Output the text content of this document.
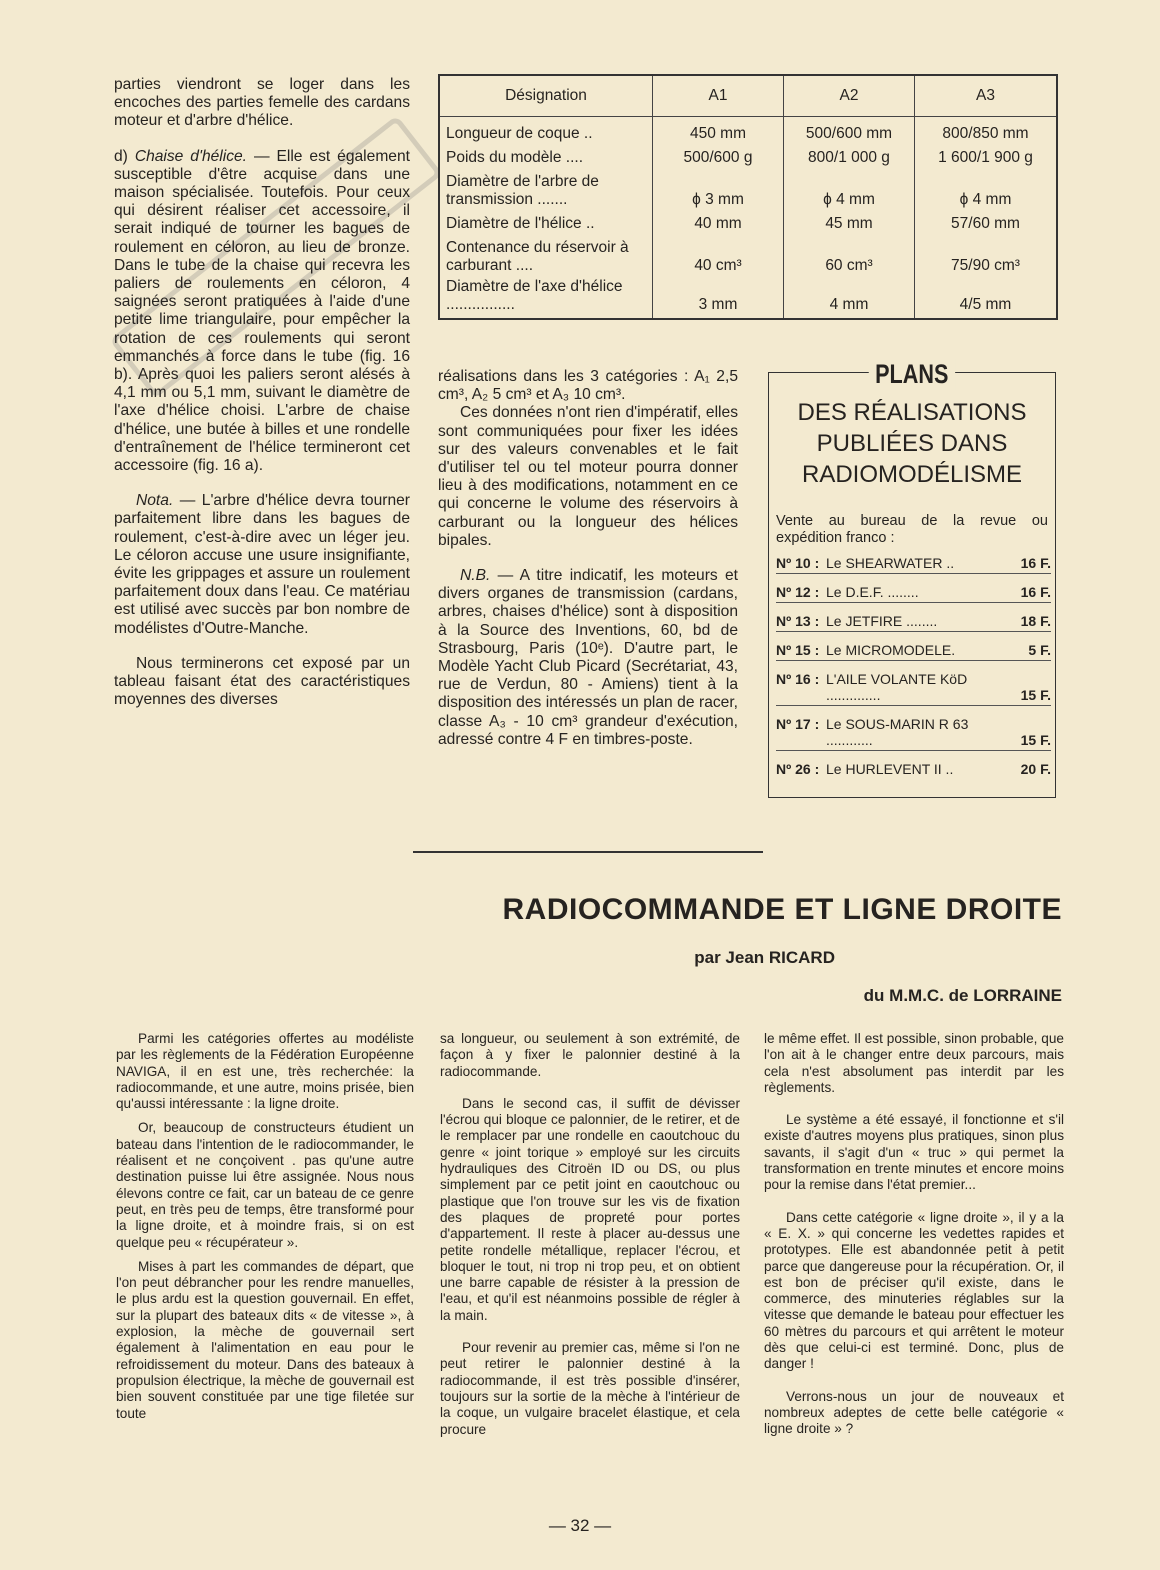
parties viendront se loger dans les encoches des parties femelle des cardans moteur et d'arbre d'hélice.

d) Chaise d'hélice. — Elle est également susceptible d'être acquise dans une maison spécialisée. Toutefois. Pour ceux qui désirent réaliser cet accessoire, il serait indiqué de tourner les bagues de roulement en céloron, au lieu de bronze. Dans le tube de la chaise qui recevra les paliers de roulements en céloron, 4 saignées seront pratiquées à l'aide d'une petite lime triangulaire, pour empêcher la rotation de ces roulements qui seront emmanchés à force dans le tube (fig. 16 b). Après quoi les paliers seront alésés à 4,1 mm ou 5,1 mm, suivant le diamètre de l'axe d'hélice choisi. L'arbre de chaise d'hélice, une butée à billes et une rondelle d'entraînement de l'hélice termineront cet accessoire (fig. 16 a).

Nota. — L'arbre d'hélice devra tourner parfaitement libre dans les bagues de roulement, c'est-à-dire avec un léger jeu. Le céloron accuse une usure insignifiante, évite les grippages et assure un roulement parfaitement doux dans l'eau. Ce matériau est utilisé avec succès par bon nombre de modélistes d'Outre-Manche.

Nous terminerons cet exposé par un tableau faisant état des caractéristiques moyennes des diverses

Désignation	A1	A2	A3
Longueur de coque ..	450 mm	500/600 mm	800/850 mm
Poids du modèle ....	500/600 g	800/1 000 g	1 600/1 900 g
Diamètre de l'arbre de transmission .......	ϕ 3 mm	ϕ 4 mm	ϕ 4 mm
Diamètre de l'hélice ..	40 mm	45 mm	57/60 mm
Contenance du réservoir à carburant ....	40 cm³	60 cm³	75/90 cm³
Diamètre de l'axe d'hélice ................	3 mm	4 mm	4/5 mm

réalisations dans les 3 catégories : A₁ 2,5 cm³, A₂ 5 cm³ et A₃ 10 cm³.

Ces données n'ont rien d'impératif, elles sont communiquées pour fixer les idées sur des valeurs convenables et le fait d'utiliser tel ou tel moteur pourra donner lieu à des modifications, notamment en ce qui concerne le volume des réservoirs à carburant ou la longueur des hélices bipales.

N.B. — A titre indicatif, les moteurs et divers organes de transmission (cardans, arbres, chaises d'hélice) sont à disposition à la Source des Inventions, 60, bd de Strasbourg, Paris (10ᵉ). D'autre part, le Modèle Yacht Club Picard (Secrétariat, 43, rue de Verdun, 80 - Amiens) tient à la disposition des intéressés un plan de racer, classe A₃ - 10 cm³ grandeur d'exécution, adressé contre 4 F en timbres-poste.

PLANS
DES RÉALISATIONS
PUBLIÉES DANS
RADIOMODÉLISME
Vente au bureau de la revue ou expédition franco :
Nº 10 : Le SHEARWATER ..	16 F.
Nº 12 : Le D.E.F. ........	16 F.
Nº 13 : Le JETFIRE ........	18 F.
Nº 15 : Le MICROMODELE.	5 F.
Nº 16 : L'AILE VOLANTE KöD ..............	15 F.
Nº 17 : Le SOUS-MARIN R 63 ............	15 F.
Nº 26 : Le HURLEVENT II ..	20 F.
RADIOCOMMANDE ET LIGNE DROITE
par Jean RICARD
du M.M.C. de LORRAINE

Parmi les catégories offertes au modéliste par les règlements de la Fédération Européenne NAVIGA, il en est une, très recherchée: la radiocommande, et une autre, moins prisée, bien qu'aussi intéressante : la ligne droite.

Or, beaucoup de constructeurs étudient un bateau dans l'intention de le radiocommander, le réalisent et ne conçoivent . pas qu'une autre destination puisse lui être assignée. Nous nous élevons contre ce fait, car un bateau de ce genre peut, en très peu de temps, être transformé pour la ligne droite, et à moindre frais, si on est quelque peu « récupérateur ».

Mises à part les commandes de départ, que l'on peut débrancher pour les rendre manuelles, le plus ardu est la question gouvernail. En effet, sur la plupart des bateaux dits « de vitesse », à explosion, la mèche de gouvernail sert également à l'alimentation en eau pour le refroidissement du moteur. Dans des bateaux à propulsion électrique, la mèche de gouvernail est bien souvent constituée par une tige filetée sur toute

sa longueur, ou seulement à son extrémité, de façon à y fixer le palonnier destiné à la radiocommande.

Dans le second cas, il suffit de dévisser l'écrou qui bloque ce palonnier, de le retirer, et de le remplacer par une rondelle en caoutchouc du genre « joint torique » employé sur les circuits hydrauliques des Citroën ID ou DS, ou plus simplement par ce petit joint en caoutchouc ou plastique que l'on trouve sur les vis de fixation des plaques de propreté pour portes d'appartement. Il reste à placer au-dessus une petite rondelle métallique, replacer l'écrou, et bloquer le tout, ni trop ni trop peu, et on obtient une barre capable de résister à la pression de l'eau, et qu'il est néanmoins possible de régler à la main.

Pour revenir au premier cas, même si l'on ne peut retirer le palonnier destiné à la radiocommande, il est très possible d'insérer, toujours sur la sortie de la mèche à l'intérieur de la coque, un vulgaire bracelet élastique, et cela procure

le même effet. Il est possible, sinon probable, que l'on ait à le changer entre deux parcours, mais cela n'est absolument pas interdit par les règlements.

Le système a été essayé, il fonctionne et s'il existe d'autres moyens plus pratiques, sinon plus savants, il s'agit d'un « truc » qui permet la transformation en trente minutes et encore moins pour la remise dans l'état premier...

Dans cette catégorie « ligne droite », il y a la « E. X. » qui concerne les vedettes rapides et prototypes. Elle est abandonnée petit à petit parce que dangereuse pour la récupération. Or, il est bon de préciser qu'il existe, dans le commerce, des minuteries réglables sur la vitesse que demande le bateau pour effectuer les 60 mètres du parcours et qui arrêtent le moteur dès que celui-ci est terminé. Donc, plus de danger !

Verrons-nous un jour de nouveaux et nombreux adeptes de cette belle catégorie « ligne droite » ?

— 32 —
